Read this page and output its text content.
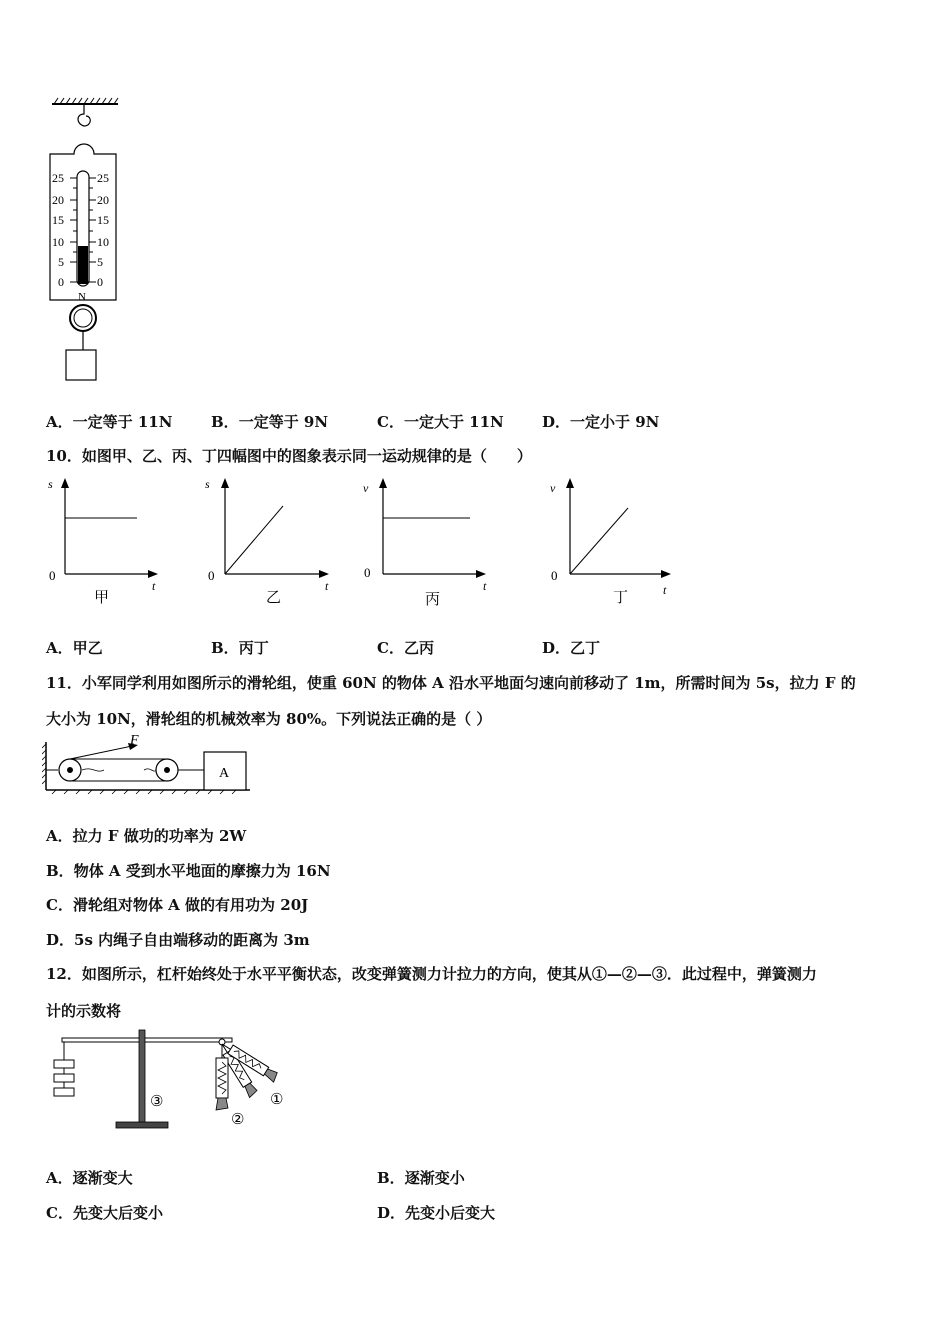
25
20
15
10
5
0
25
20
15
10
5
0
N
A．一定等于 11N	B．一定等于 9N	C．一定大于 11N	D．一定小于 9N
10．如图甲、乙、丙、丁四幅图中的图象表示同一运动规律的是（　　）
s
0
t
甲
s
0
t
乙
v
0
t
丙
v
0
t
丁
A．甲乙	B．丙丁	C．乙丙	D．乙丁
11．小军同学利用如图所示的滑轮组，使重 60N 的物体 A 沿水平地面匀速向前移动了 1m，所需时间为 5s，拉力 F 的
大小为 10N，滑轮组的机械效率为 80%。下列说法正确的是（ ）
F
A
A．拉力 F 做功的功率为 2W
B．物体 A 受到水平地面的摩擦力为 16N
C．滑轮组对物体 A 做的有用功为 20J
D．5s 内绳子自由端移动的距离为 3m
12．如图所示，杠杆始终处于水平平衡状态，改变弹簧测力计拉力的方向，使其从①—②—③．此过程中，弹簧测力
计的示数将
①
②
③
A．逐渐变大	B．逐渐变小
C．先变大后变小	D．先变小后变大
